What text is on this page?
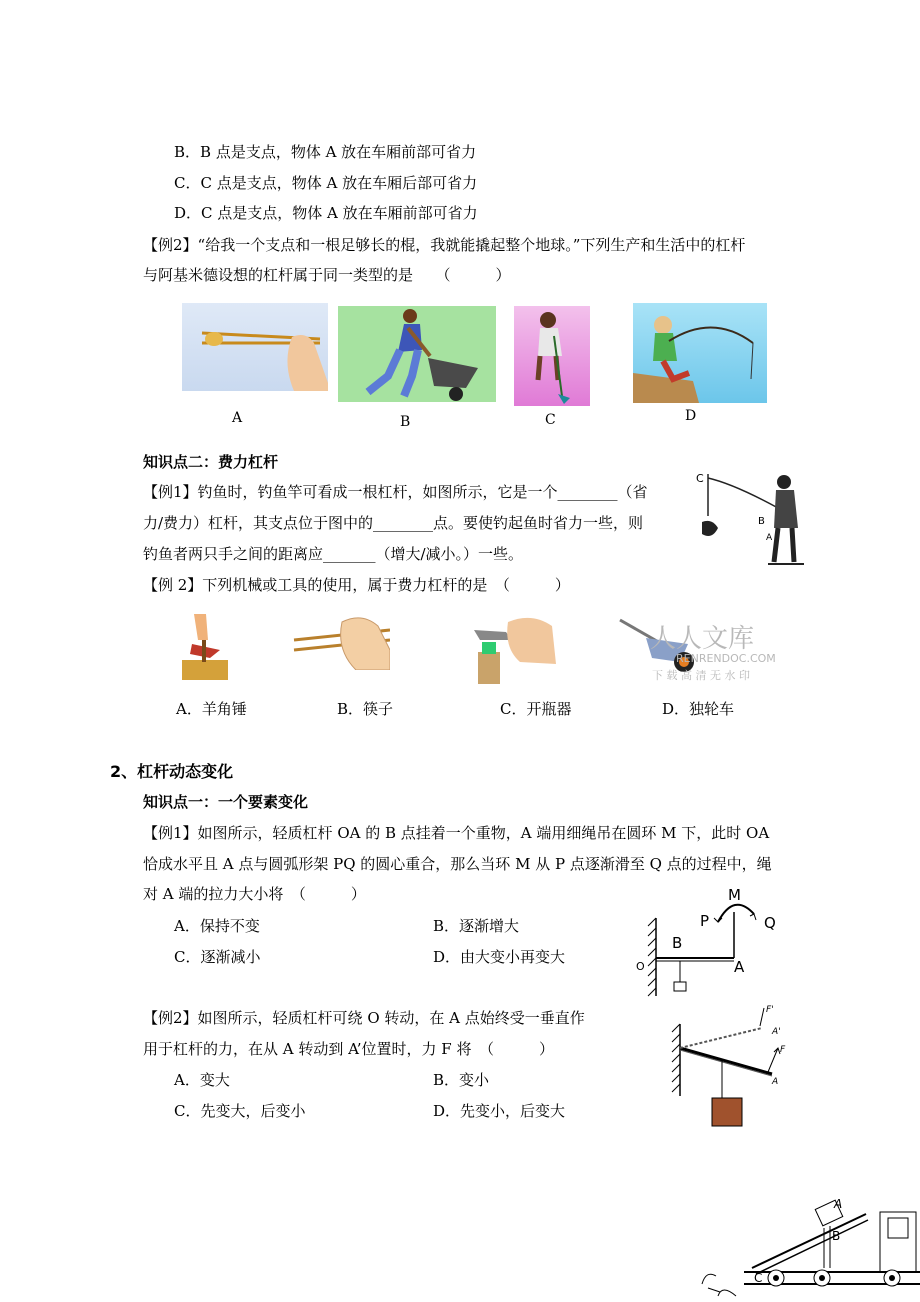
B．B 点是支点，物体 A 放在车厢前部可省力
C．C 点是支点，物体 A 放在车厢后部可省力
D．C 点是支点，物体 A 放在车厢前部可省力
【例2】“给我一个支点和一根足够长的棍，我就能撬起整个地球。”下列生产和生活中的杠杆
与阿基米德设想的杠杆属于同一类型的是　　（　　　）
A	B	C	D
知识点二：费力杠杆
【例1】钓鱼时，钓鱼竿可看成一根杠杆，如图所示，它是一个________（省
力/费力）杠杆，其支点位于图中的________点。要使钓起鱼时省力一些，则
钓鱼者两只手之间的距离应_______（增大/减小。）一些。
C
B
A
【例 2】下列机械或工具的使用，属于费力杠杆的是　（　　　）
人人文库
RENRENDOC.COM
下 载 高 清 无 水 印
A．羊角锤	B．筷子	C．开瓶器	D．独轮车
2、杠杆动态变化
知识点一：一个要素变化
【例1】如图所示，轻质杠杆 OA 的 B 点挂着一个重物，A 端用细绳吊在圆环 M 下，此时 OA
恰成水平且 A 点与圆弧形架 PQ 的圆心重合，那么当环 M 从 P 点逐渐滑至 Q 点的过程中，绳
对 A 端的拉力大小将　（　　　）
A．保持不变	B．逐渐增大
C．逐渐减小	D．由大变小再变大
M
P	Q
B
A
O
【例2】如图所示，轻质杠杆可绕 O 转动，在 A 点始终受一垂直作
用于杠杆的力，在从 A 转动到 A’位置时，力 F 将　（　　　）
A．变大	B．变小
C．先变大，后变小	D．先变小，后变大
F'
A'
F
A
A
B
C
